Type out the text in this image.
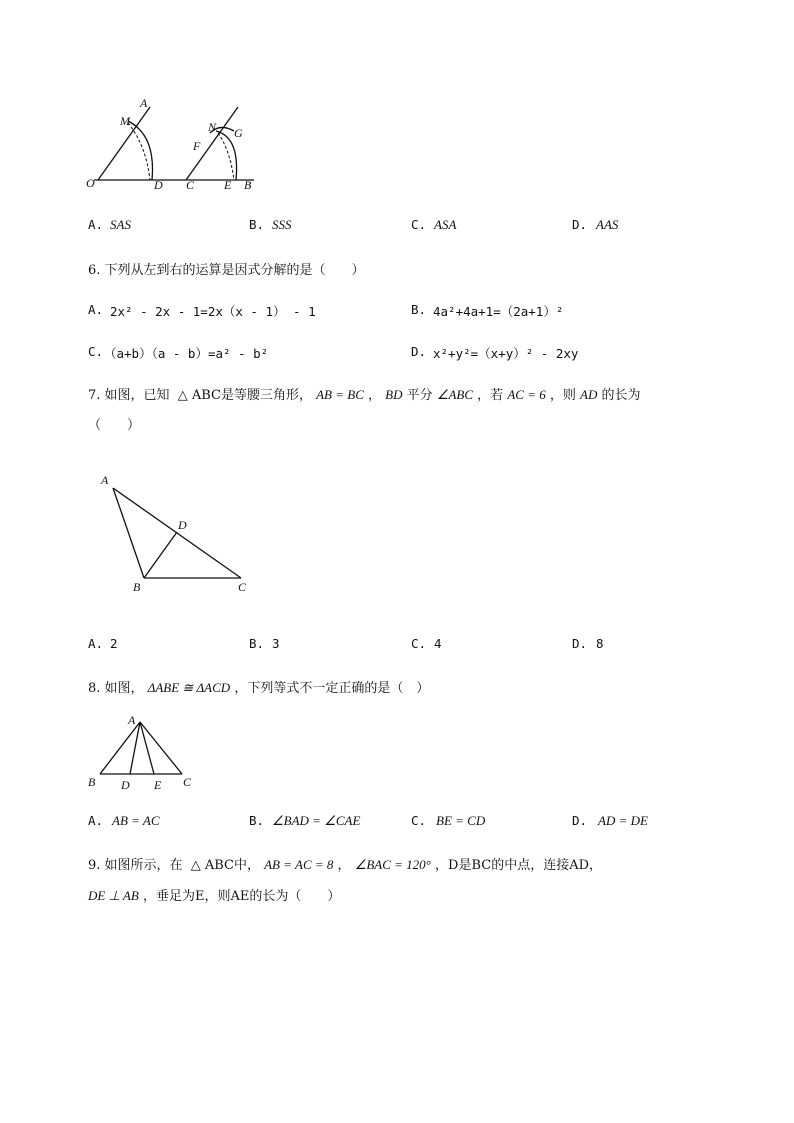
O
A
M
D C
F
N G
E B
A. SAS	B. SSS	C. ASA	D. AAS
6. 下列从左到右的运算是因式分解的是（　　）
A. 2x² - 2x - 1=2x（x - 1） - 1	B. 4a²+4a+1=（2a+1）²
C. （a+b）（a - b）=a² - b²	D. x²+y²=（x+y）² - 2xy
7. 如图，已知 △ ABC是等腰三角形， AB = BC ， BD 平分 ∠ABC ，若 AC = 6 ，则 AD 的长为
（　　）
A
D
B	C
A. 2	B. 3	C. 4	D. 8
8. 如图， ΔABE ≅ ΔACD ，下列等式不一定正确的是（　）
A
B D E C
A. AB = AC	B. ∠BAD = ∠CAE	C. BE = CD	D. AD = DE
9. 如图所示，在 △ ABC中， AB = AC = 8 ， ∠BAC = 120° ，D是BC的中点，连接AD，
DE ⊥ AB ，垂足为E，则AE的长为（　　）
